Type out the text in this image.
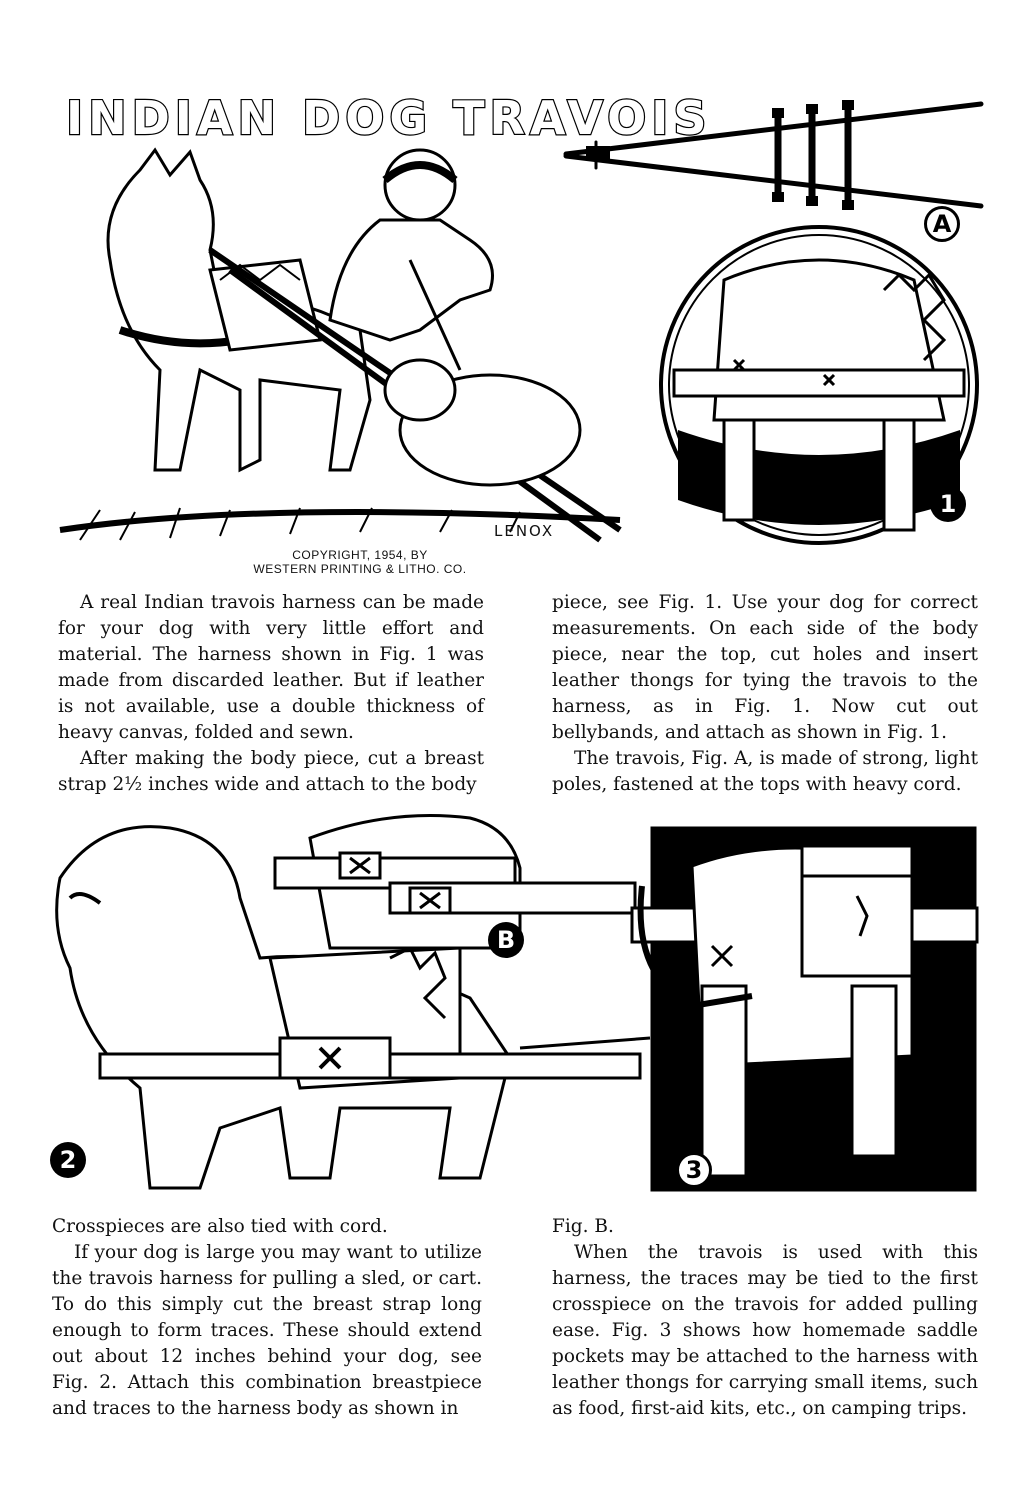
INDIAN DOG TRAVOIS
A
LENOX
COPYRIGHT, 1954, BY
WESTERN PRINTING & LITHO. CO.
1

A real Indian travois harness can be made for your dog with very little effort and material. The harness shown in Fig. 1 was made from discarded leather. But if leather is not available, use a double thickness of heavy canvas, folded and sewn.

After making the body piece, cut a breast strap 2½ inches wide and attach to the body

piece, see Fig. 1. Use your dog for correct measurements. On each side of the body piece, near the top, cut holes and insert leather thongs for tying the travois to the harness, as in Fig. 1. Now cut out bellybands, and attach as shown in Fig. 1.

The travois, Fig. A, is made of strong, light poles, fastened at the tops with heavy cord.

2
B
3

Crosspieces are also tied with cord.

If your dog is large you may want to utilize the travois harness for pulling a sled, or cart. To do this simply cut the breast strap long enough to form traces. These should extend out about 12 inches behind your dog, see Fig. 2. Attach this combination breastpiece and traces to the harness body as shown in

Fig. B.

When the travois is used with this harness, the traces may be tied to the first crosspiece on the travois for added pulling ease. Fig. 3 shows how homemade saddle pockets may be attached to the harness with leather thongs for carrying small items, such as food, first-aid kits, etc., on camping trips.
